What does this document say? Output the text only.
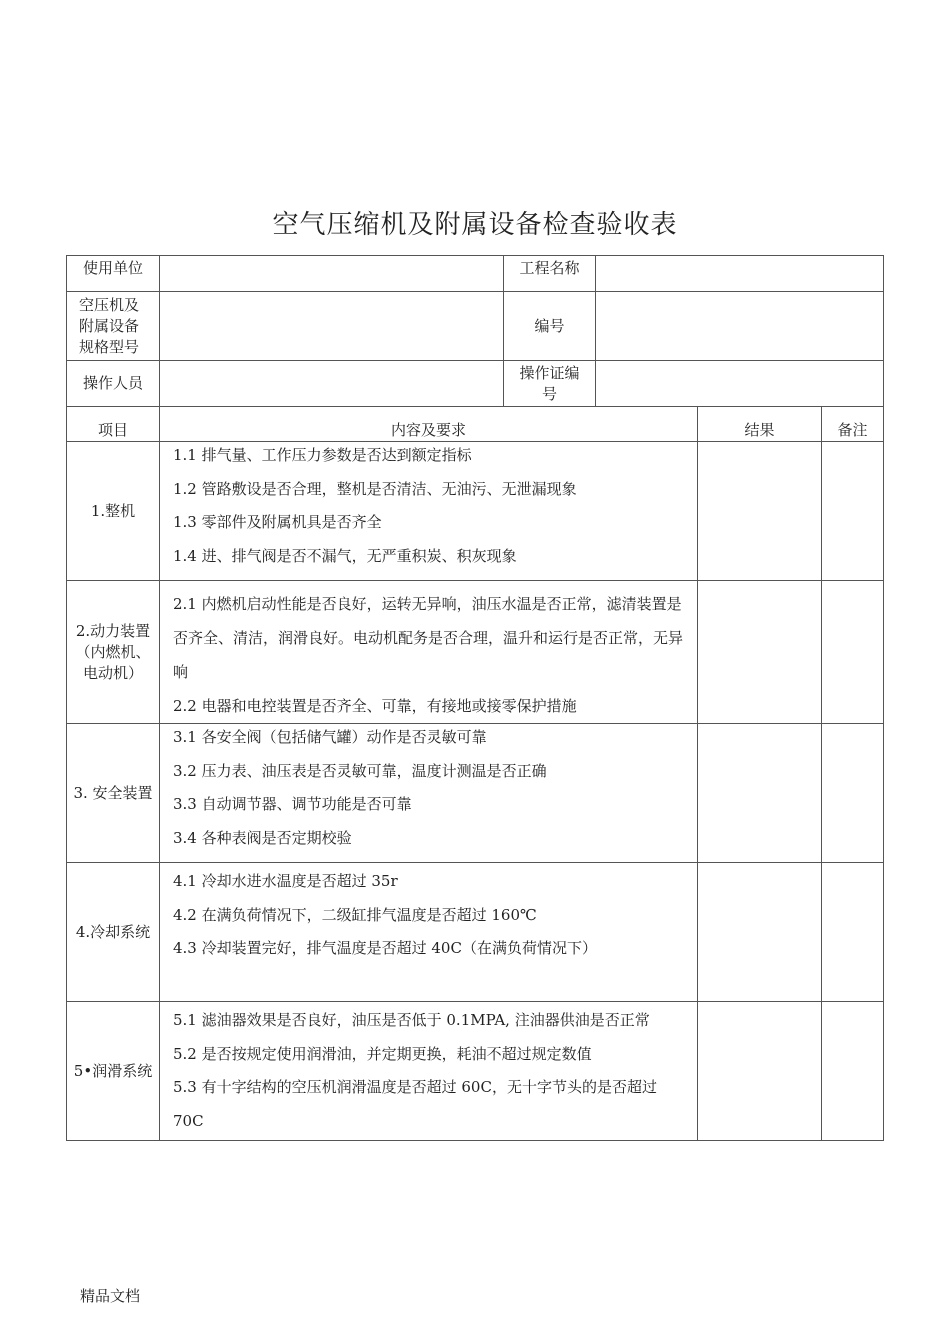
空气压缩机及附属设备检查验收表
使用单位		工程名称	
空压机及附属设备规格型号		编号	
操作人员		操作证编号	
项目	内容及要求	结果	备注
1.整机	1.1 排气量、工作压力参数是否达到额定指标
1.2 管路敷设是否合理，整机是否清洁、无油污、无泄漏现象
1.3 零部件及附属机具是否齐全
1.4 进、排气阀是否不漏气，无严重积炭、积灰现象		

2.动力装置（内燃机、电动机）	2.1 内燃机启动性能是否良好，运转无异响，油压水温是否正常，滤清装置是否齐全、清洁，润滑良好。电动机配务是否合理，温升和运行是否正常，无异响
2.2 电器和电控装置是否齐全、可靠，有接地或接零保护措施		

3. 安全装置	3.1 各安全阀（包括储气罐）动作是否灵敏可靠
3.2 压力表、油压表是否灵敏可靠，温度计测温是否正确
3.3 自动调节器、调节功能是否可靠
3.4 各种表阀是否定期校验		

4.冷却系统	4.1 冷却水进水温度是否超过 35r
4.2 在满负荷情况下，二级缸排气温度是否超过 160℃
4.3 冷却装置完好，排气温度是否超过 40C（在满负荷情况下）		

5•润滑系统	5.1 滤油器效果是否良好，油压是否低于 0.1MPA, 注油器供油是否正常
5.2 是否按规定使用润滑油，并定期更换，耗油不超过规定数值
5.3 有十字结构的空压机润滑温度是否超过 60C，无十字节头的是否超过 70C		

精品文档
